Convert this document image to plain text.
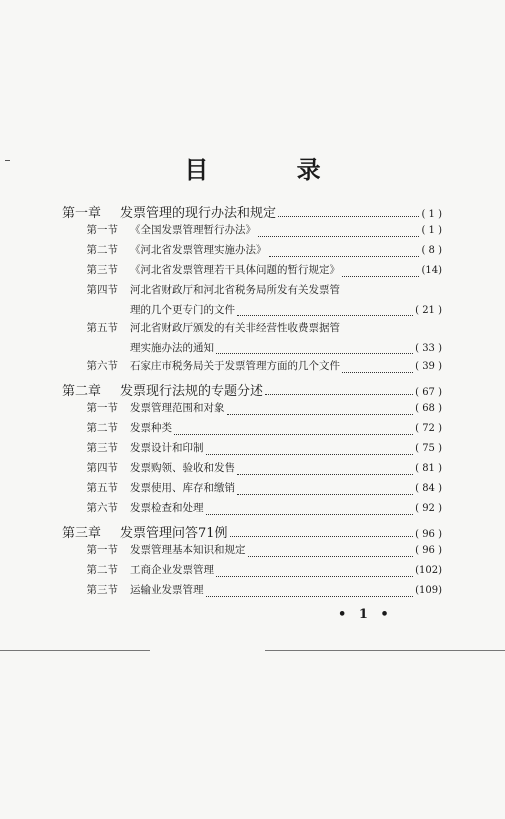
目 录
第一章	发票管理的现行办法和规定	( 1 )
第一节	《全国发票管理暂行办法》	( 1 )
第二节	《河北省发票管理实施办法》	( 8 )
第三节	《河北省发票管理若干具体问题的暂行规定》	(14)
第四节	河北省财政厅和河北省税务局所发有关发票管
理的几个更专门的文件	( 21 )
第五节	河北省财政厅颁发的有关非经营性收费票据管
理实施办法的通知	( 33 )
第六节	石家庄市税务局关于发票管理方面的几个文件	( 39 )
第二章	发票现行法规的专题分述	( 67 )
第一节	发票管理范围和对象	( 68 )
第二节	发票种类	( 72 )
第三节	发票设计和印制	( 75 )
第四节	发票购领、验收和发售	( 81 )
第五节	发票使用、库存和缴销	( 84 )
第六节	发票检查和处理	( 92 )
第三章	发票管理问答71例	( 96 )
第一节	发票管理基本知识和规定	( 96 )
第二节	工商企业发票管理	(102)
第三节	运输业发票管理	(109)
• 1 •
